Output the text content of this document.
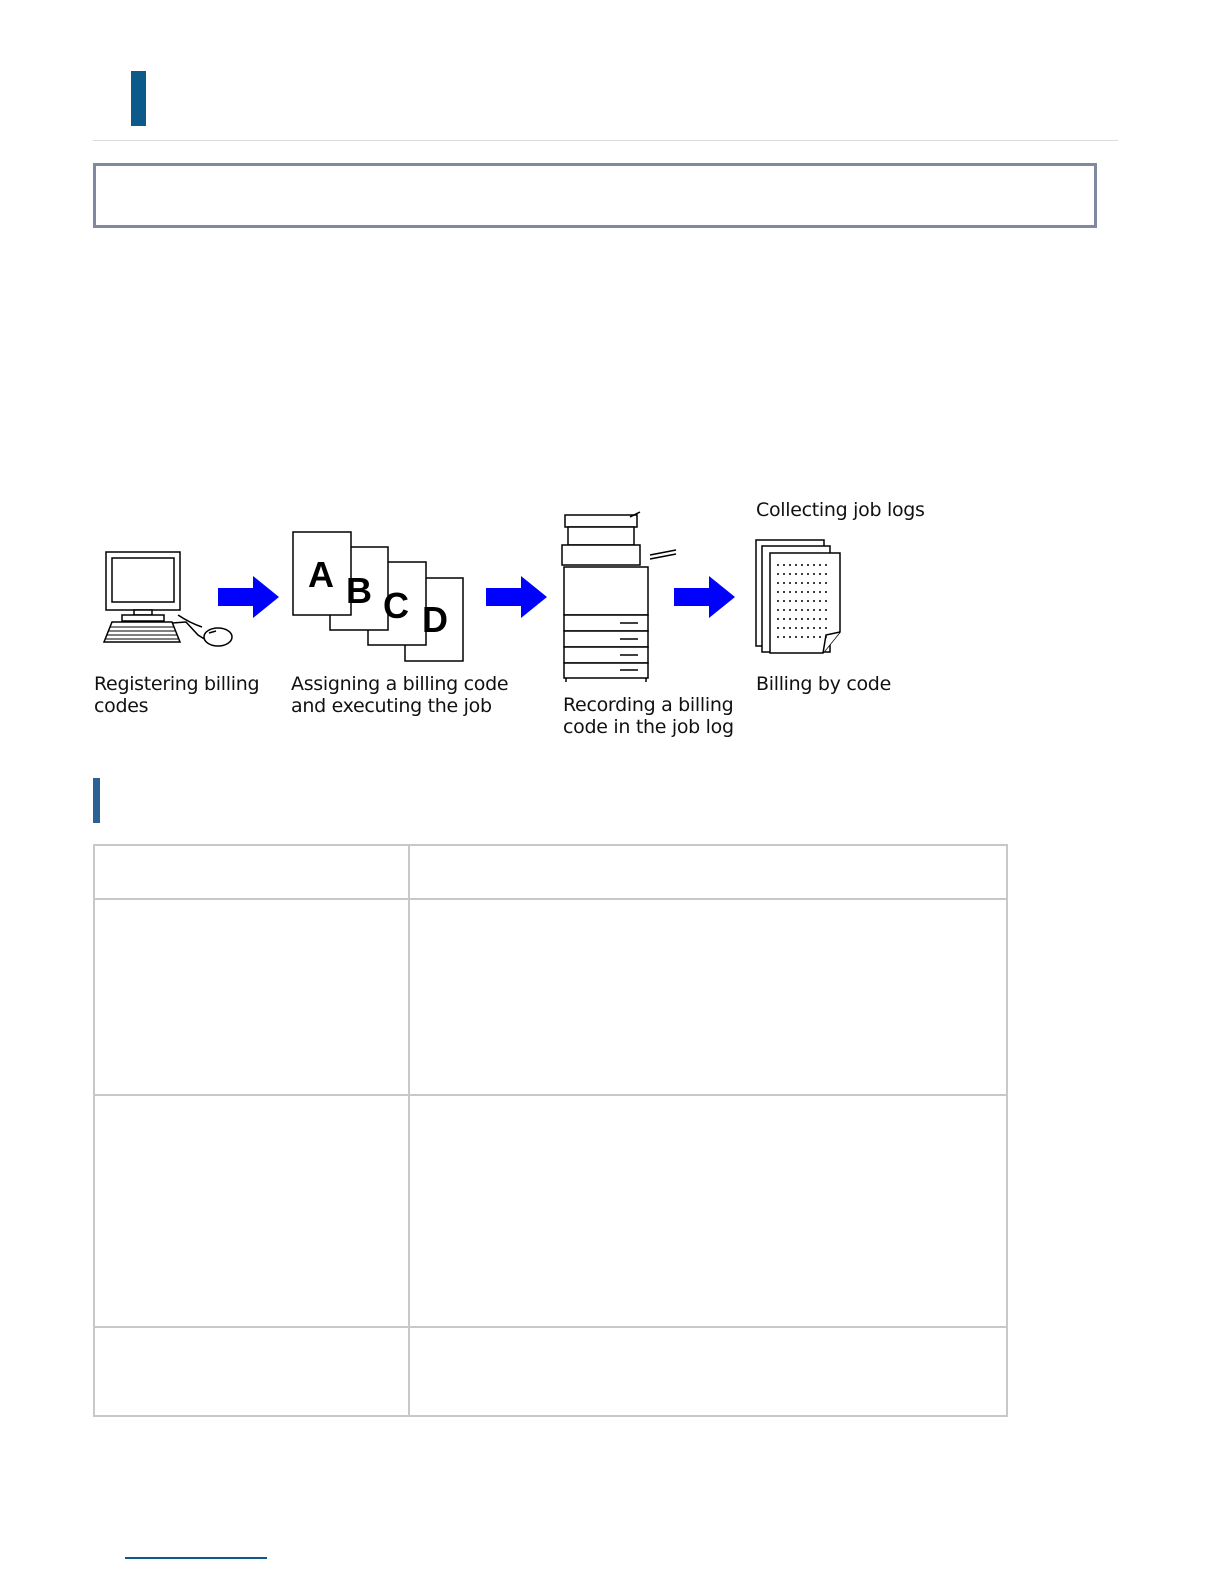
A B C D
Registering billing
codes
Assigning a billing code
and executing the job	Recording a billing
code in the job log
Collecting job logs
Billing by code
